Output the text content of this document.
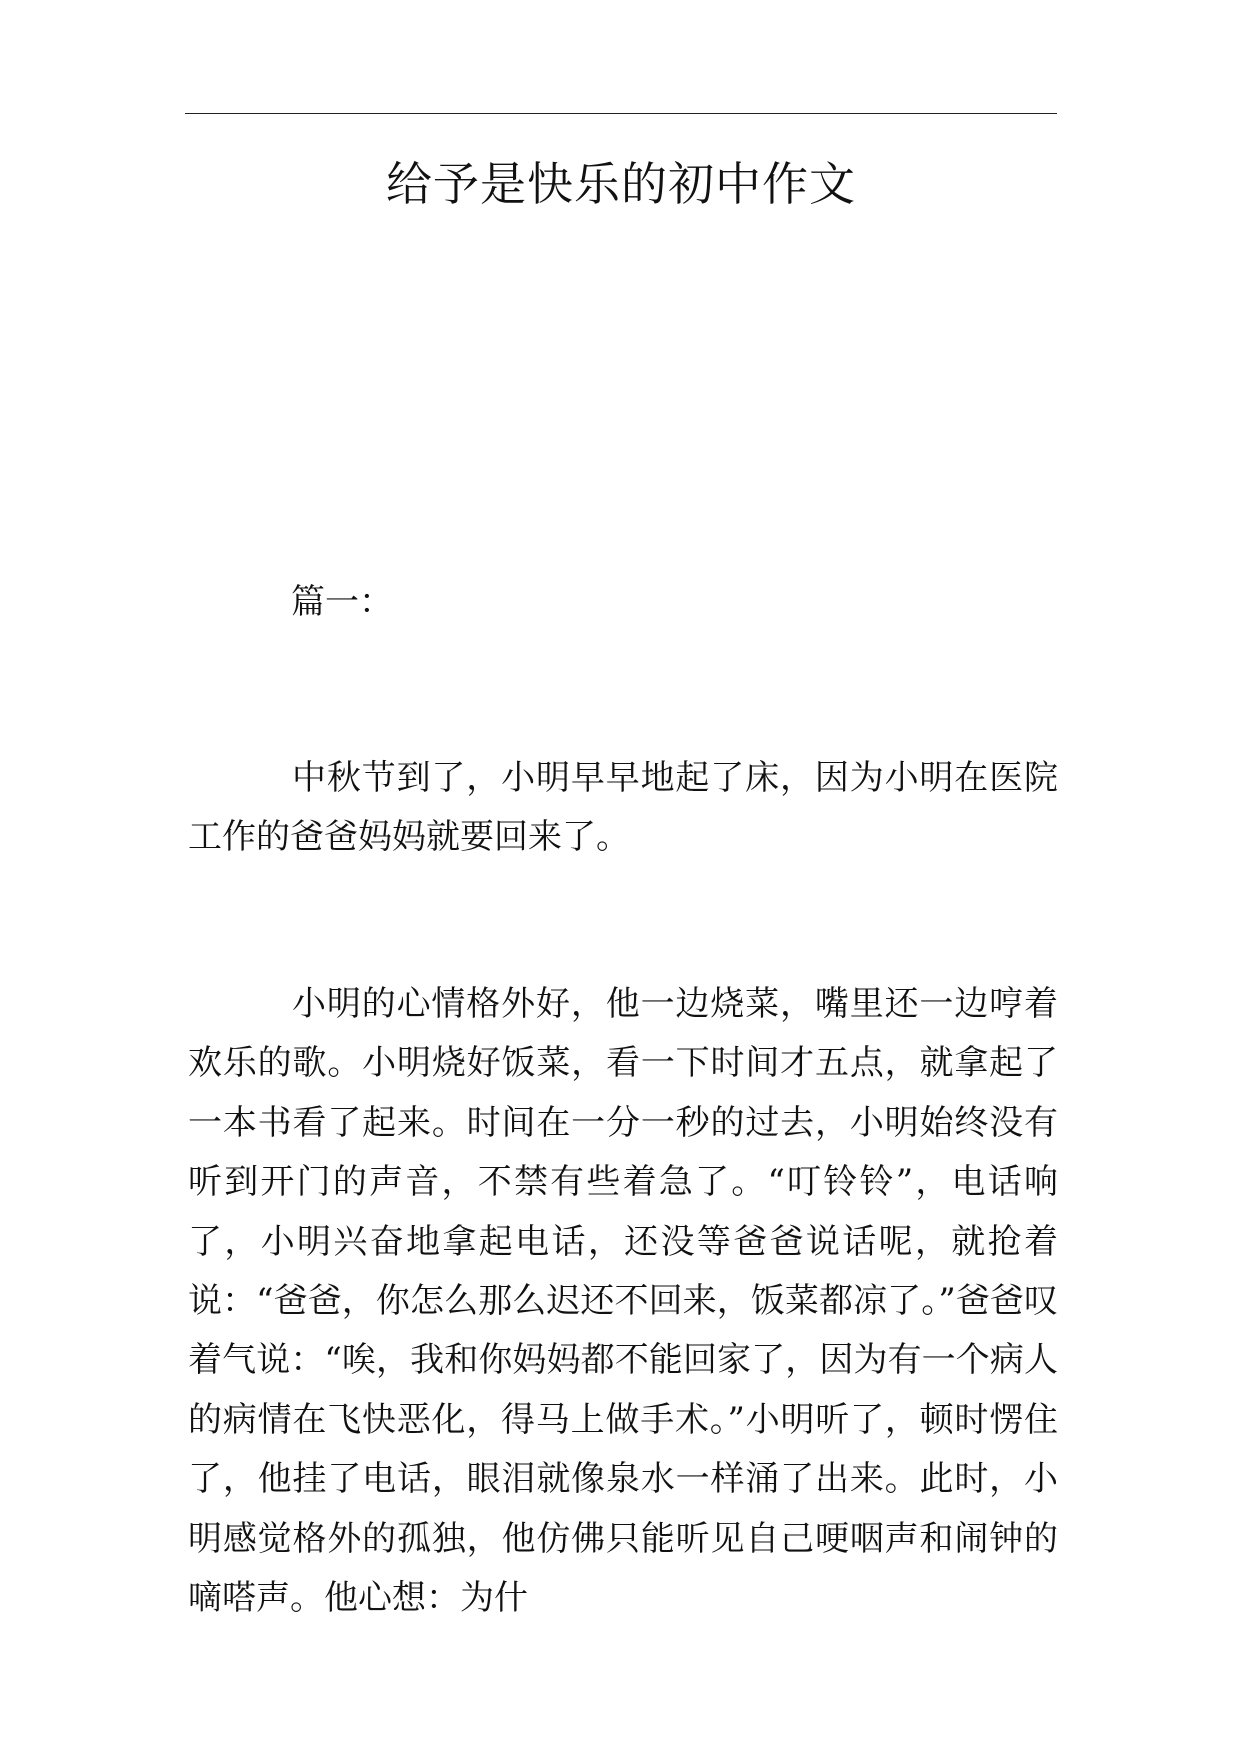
给予是快乐的初中作文

篇一：

中秋节到了，小明早早地起了床，因为小明在医院工作的爸爸妈妈就要回来了。

小明的心情格外好，他一边烧菜，嘴里还一边哼着欢乐的歌。小明烧好饭菜，看一下时间才五点，就拿起了一本书看了起来。时间在一分一秒的过去，小明始终没有听到开门的声音，不禁有些着急了。“叮铃铃”，电话响了，小明兴奋地拿起电话，还没等爸爸说话呢，就抢着说：“爸爸，你怎么那么迟还不回来，饭菜都凉了。”爸爸叹着气说：“唉，我和你妈妈都不能回家了，因为有一个病人的病情在飞快恶化，得马上做手术。”小明听了，顿时愣住了，他挂了电话，眼泪就像泉水一样涌了出来。此时，小明感觉格外的孤独，他仿佛只能听见自己哽咽声和闹钟的嘀嗒声。他心想：为什
